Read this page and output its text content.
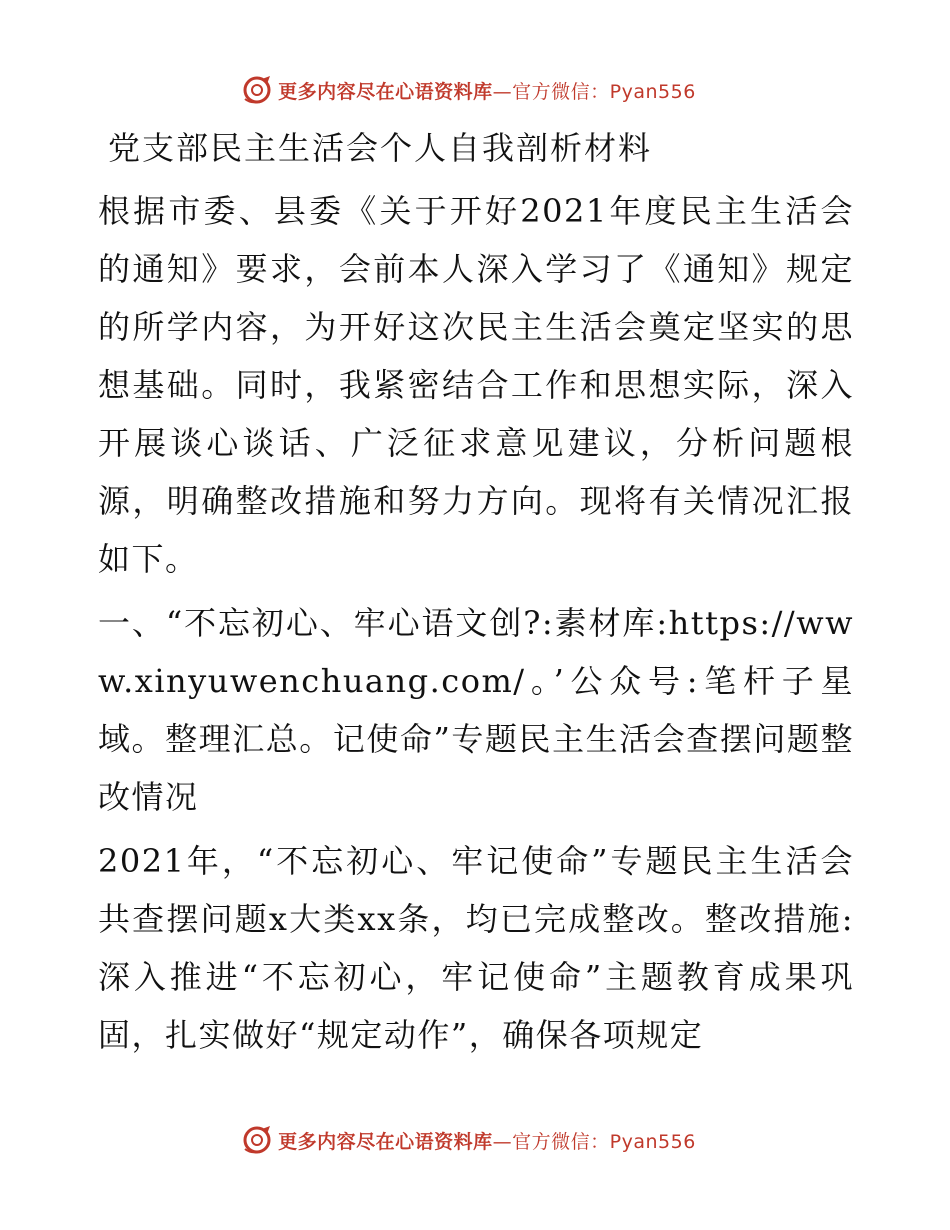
更多内容尽在心语资料库—官方微信：Pyan556
党支部民主生活会个人自我剖析材料

根据市委、县委《关于开好2021年度民主生活会的通知》要求，会前本人深入学习了《通知》规定的所学内容，为开好这次民主生活会奠定坚实的思想基础。同时，我紧密结合工作和思想实际，深入开展谈心谈话、广泛征求意见建议，分析问题根源，明确整改措施和努力方向。现将有关情况汇报如下。

一、“不忘初心、牢心语文创?:素材库:https://www.xinyuwenchuang.com/。’公众号:笔杆子星域。整理汇总。记使命”专题民主生活会查摆问题整改情况

2021年，“不忘初心、牢记使命”专题民主生活会共查摆问题x大类xx条，均已完成整改。整改措施:深入推进“不忘初心，牢记使命”主题教育成果巩固，扎实做好“规定动作”，确保各项规定

更多内容尽在心语资料库—官方微信：Pyan556
